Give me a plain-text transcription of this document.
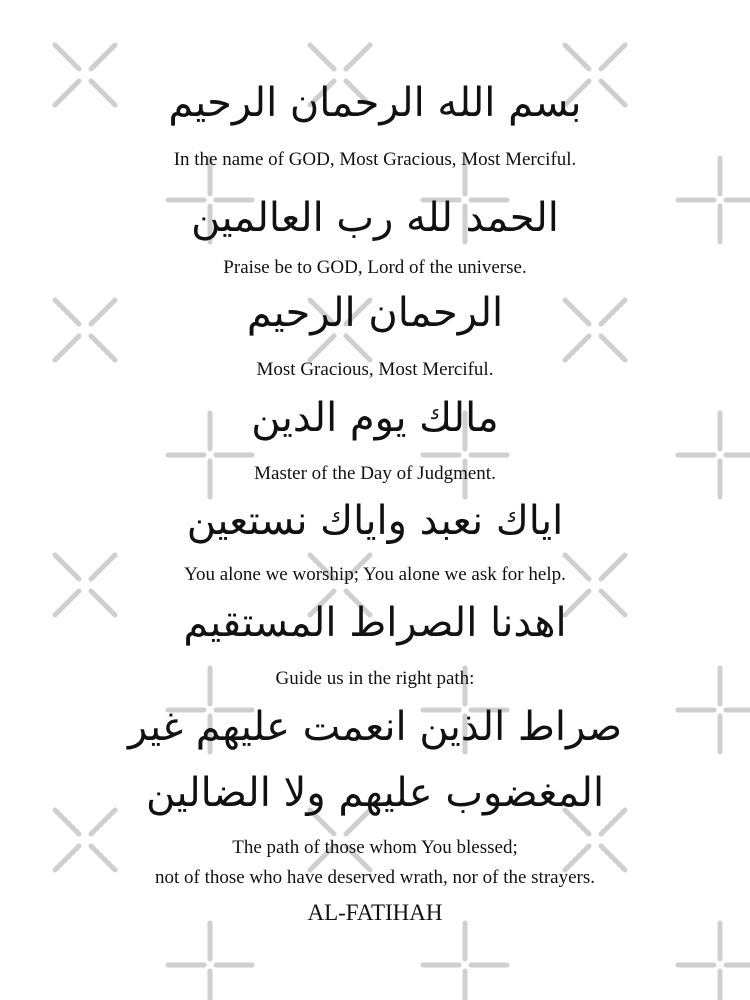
بسم الله الرحمان الرحيم
In the name of GOD, Most Gracious, Most Merciful.
الحمد لله رب العالمين
Praise be to GOD, Lord of the universe.
الرحمان الرحيم
Most Gracious, Most Merciful.
مالك يوم الدين
Master of the Day of Judgment.
اياك نعبد واياك نستعين
You alone we worship; You alone we ask for help.
اهدنا الصراط المستقيم
Guide us in the right path:
صراط الذين انعمت عليهم غير
المغضوب عليهم ولا الضالين
The path of those whom You blessed;
not of those who have deserved wrath, nor of the strayers.
AL-FATIHAH
